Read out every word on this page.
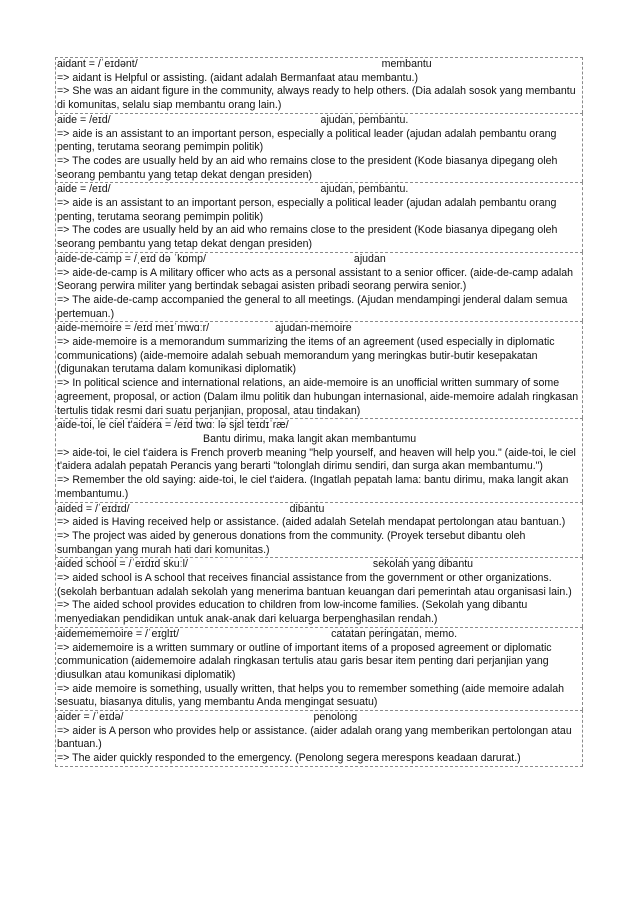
aidant = /ˈeɪdənt/	membantu
=> aidant is Helpful or assisting. (aidant adalah Bermanfaat atau membantu.)
=> She was an aidant figure in the community, always ready to help others. (Dia adalah sosok yang membantu di komunitas, selalu siap membantu orang lain.)
aide = /eɪd/	ajudan, pembantu.
=> aide is an assistant to an important person, especially a political leader (ajudan adalah pembantu orang penting, terutama seorang pemimpin politik)
=> The codes are usually held by an aid who remains close to the president (Kode biasanya dipegang oleh seorang pembantu yang tetap dekat dengan presiden)
aide = /eɪd/	ajudan, pembantu.
=> aide is an assistant to an important person, especially a political leader (ajudan adalah pembantu orang penting, terutama seorang pemimpin politik)
=> The codes are usually held by an aid who remains close to the president (Kode biasanya dipegang oleh seorang pembantu yang tetap dekat dengan presiden)
aide-de-camp = /ˌeɪd də ˈkɒmp/	ajudan
=> aide-de-camp is A military officer who acts as a personal assistant to a senior officer. (aide-de-camp adalah Seorang perwira militer yang bertindak sebagai asisten pribadi seorang perwira senior.)
=> The aide-de-camp accompanied the general to all meetings. (Ajudan mendampingi jenderal dalam semua pertemuan.)
aide-memoire = /eɪd meɪˈmwɑːr/	ajudan-memoire
=> aide-memoire is a memorandum summarizing the items of an agreement (used especially in diplomatic communications) (aide-memoire adalah sebuah memorandum yang meringkas butir-butir kesepakatan (digunakan terutama dalam komunikasi diplomatik)
=> In political science and international relations, an aide-memoire is an unofficial written summary of some agreement, proposal, or action (Dalam ilmu politik dan hubungan internasional, aide-memoire adalah ringkasan tertulis tidak resmi dari suatu perjanjian, proposal, atau tindakan)
aide-toi, le ciel t'aidera = /eɪd twɑː lə sjɛl teɪdɪˈræ/
Bantu dirimu, maka langit akan membantumu
=> aide-toi, le ciel t'aidera is French proverb meaning "help yourself, and heaven will help you." (aide-toi, le ciel t'aidera adalah pepatah Perancis yang berarti "tolonglah dirimu sendiri, dan surga akan membantumu.")
=> Remember the old saying: aide-toi, le ciel t'aidera. (Ingatlah pepatah lama: bantu dirimu, maka langit akan membantumu.)
aided = /ˈeɪdɪd/	dibantu
=> aided is Having received help or assistance. (aided adalah Setelah mendapat pertolongan atau bantuan.)
=> The project was aided by generous donations from the community. (Proyek tersebut dibantu oleh sumbangan yang murah hati dari komunitas.)
aided school = /ˈeɪdɪd skuːl/	sekolah yang dibantu
=> aided school is A school that receives financial assistance from the government or other organizations. (sekolah berbantuan adalah sekolah yang menerima bantuan keuangan dari pemerintah atau organisasi lain.)
=> The aided school provides education to children from low-income families. (Sekolah yang dibantu menyediakan pendidikan untuk anak-anak dari keluarga berpenghasilan rendah.)
aidemememoire = /ˈeɪglɪt/	catatan peringatan, memo.
=> aidememoire is a written summary or outline of important items of a proposed agreement or diplomatic communication (aidememoire adalah ringkasan tertulis atau garis besar item penting dari perjanjian yang diusulkan atau komunikasi diplomatik)
=> aide memoire is something, usually written, that helps you to remember something (aide memoire adalah sesuatu, biasanya ditulis, yang membantu Anda mengingat sesuatu)
aider = /ˈeɪdə/	penolong
=> aider is A person who provides help or assistance. (aider adalah orang yang memberikan pertolongan atau bantuan.)
=> The aider quickly responded to the emergency. (Penolong segera merespons keadaan darurat.)
